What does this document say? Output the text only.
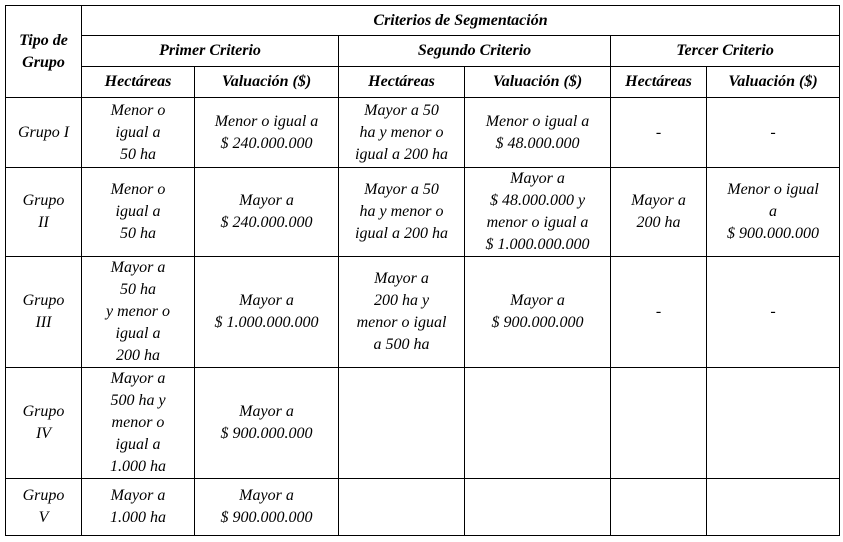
Tipo de
Grupo	Criterios de Segmentación					
	Primer Criterio		Segundo Criterio		Tercer Criterio	
	Hectáreas	Valuación ($)	Hectáreas	Valuación ($)	Hectáreas	Valuación ($)
Grupo I	Menor o
igual a
50 ha	Menor o igual a
$ 240.000.000	Mayor a 50
ha y menor o
igual a 200 ha	Menor o igual a
$ 48.000.000	-	-
Grupo
II	Menor o
igual a
50 ha	Mayor a
$ 240.000.000	Mayor a 50
ha y menor o
igual a 200 ha	Mayor a
$ 48.000.000 y
menor o igual a
$ 1.000.000.000	Mayor a
200 ha	Menor o igual
a
$ 900.000.000
Grupo
III	Mayor a
50 ha
y menor o
igual a
200 ha	Mayor a
$ 1.000.000.000	Mayor a
200 ha y
menor o igual
a 500 ha	Mayor a
$ 900.000.000	-	-
Grupo
IV	Mayor a
500 ha y
menor o
igual a
1.000 ha	Mayor a
$ 900.000.000				
Grupo
V	Mayor a
1.000 ha	Mayor a
$ 900.000.000				
